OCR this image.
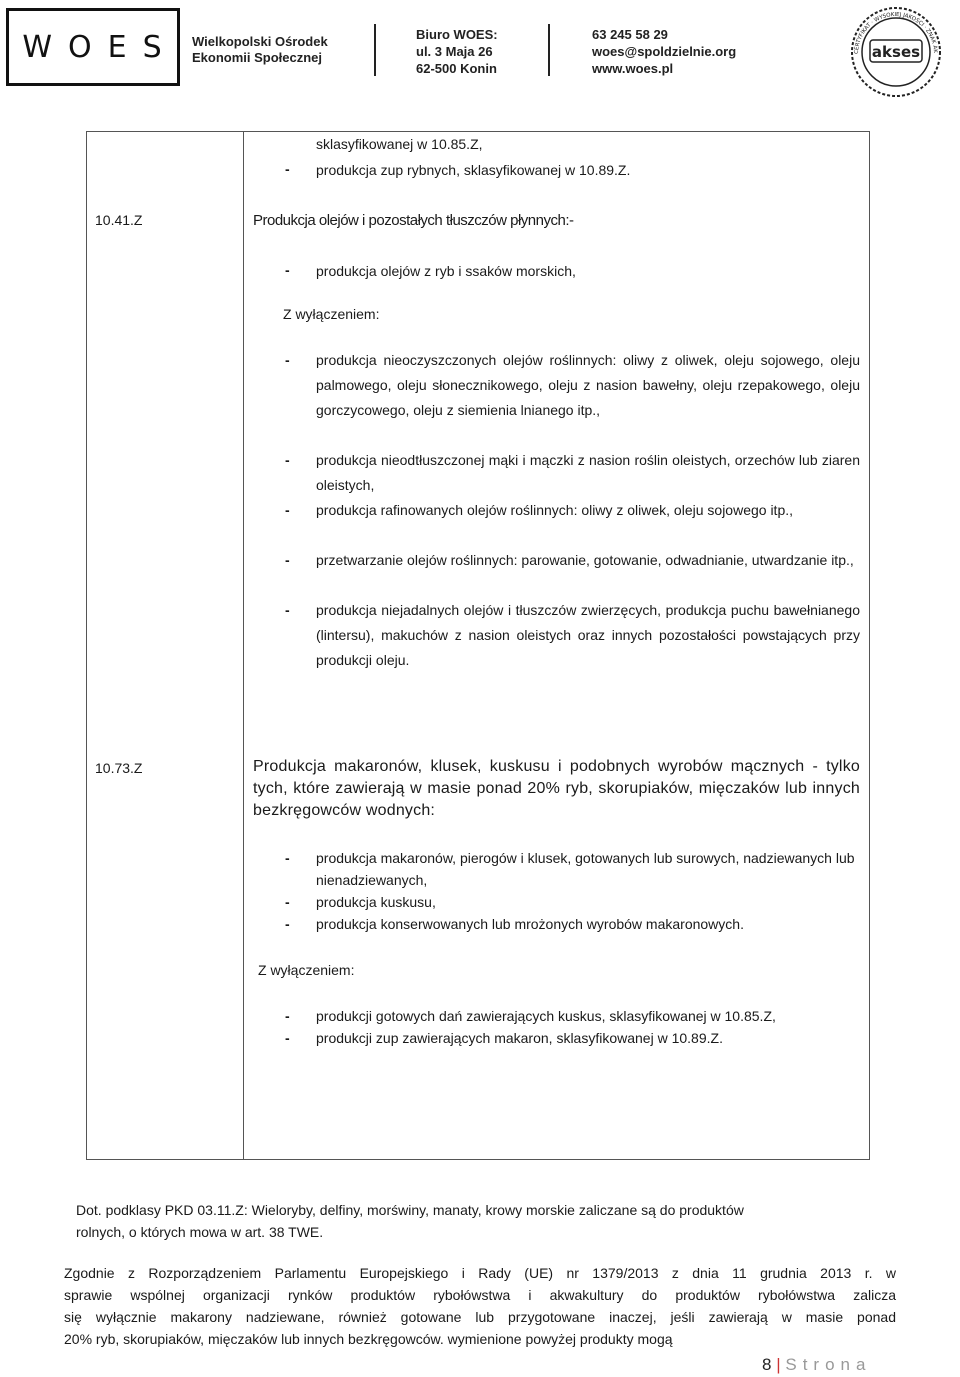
WOES Wielkopolski Ośrodek
Ekonomii Społecznej
Biuro WOES:
ul. 3 Maja 26
62-500 Konin
63 245 58 29
woes@spoldzielnie.org
www.woes.pl
CERTYFIKAT · WYSOKIEJ JAKOŚCI · ZNAK AK
akses
sklasyfikowanej w 10.85.Z,
- produkcja zup rybnych, sklasyfikowanej w 10.89.Z.
10.41.Z	Produkcja olejów i pozostałych tłuszczów płynnych:-
- produkcja olejów z ryb i ssaków morskich,
Z wyłączeniem:
- produkcja nieoczyszczonych olejów roślinnych: oliwy z oliwek, oleju sojowego, oleju palmowego, oleju słonecznikowego, oleju z nasion bawełny, oleju rzepakowego, oleju gorczycowego, oleju z siemienia lnianego itp.,
- produkcja nieodtłuszczonej mąki i mączki z nasion roślin oleistych, orzechów lub ziaren oleistych,
- produkcja rafinowanych olejów roślinnych: oliwy z oliwek, oleju sojowego itp.,
- przetwarzanie olejów roślinnych: parowanie, gotowanie, odwadnianie, utwardzanie itp.,
- produkcja niejadalnych olejów i tłuszczów zwierzęcych, produkcja puchu bawełnianego (lintersu), makuchów z nasion oleistych oraz innych pozostałości powstających przy produkcji oleju.
10.73.Z	Produkcja makaronów, klusek, kuskusu i podobnych wyrobów mącznych - tylko tych, które zawierają w masie ponad 20% ryb, skorupiaków, mięczaków lub innych bezkręgowców wodnych:
- produkcja makaronów, pierogów i klusek, gotowanych lub surowych, nadziewanych lub nienadziewanych,
- produkcja kuskusu,
- produkcja konserwowanych lub mrożonych wyrobów makaronowych.
Z wyłączeniem:
- produkcji gotowych dań zawierających kuskus, sklasyfikowanej w 10.85.Z,
- produkcji zup zawierających makaron, sklasyfikowanej w 10.89.Z.
Dot. podklasy PKD 03.11.Z: Wieloryby, delfiny, morświny, manaty, krowy morskie zaliczane są do produktów
rolnych, o których mowa w art. 38 TWE.
Zgodnie z Rozporządzeniem Parlamentu Europejskiego i Rady (UE) nr 1379/2013 z dnia 11 grudnia 2013 r. w
sprawie wspólnej organizacji rynków produktów rybołówstwa i akwakultury do produktów rybołówstwa zalicza
się wyłącznie makarony nadziewane, również gotowane lub przygotowane inaczej, jeśli zawierają w masie ponad
20% ryb, skorupiaków, mięczaków lub innych bezkręgowców. wymienione powyżej produkty mogą
8 | Strona
